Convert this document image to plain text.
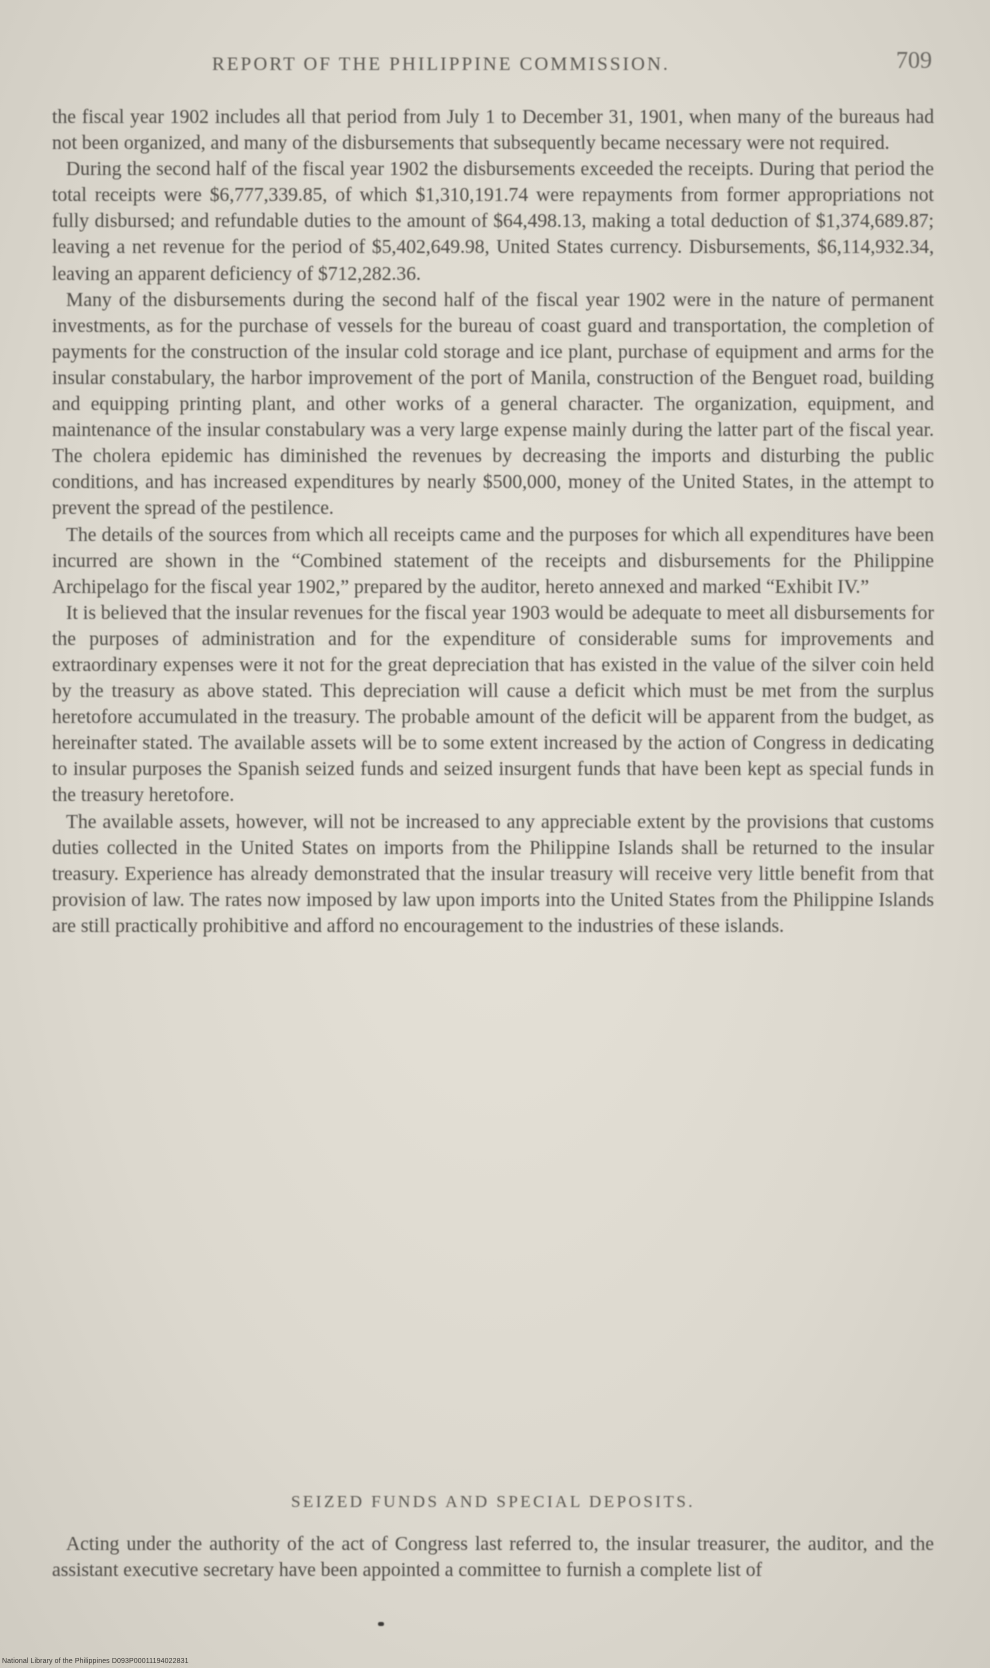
REPORT OF THE PHILIPPINE COMMISSION.	709

the fiscal year 1902 includes all that period from July 1 to December 31, 1901, when many of the bureaus had not been organized, and many of the disbursements that subsequently became necessary were not required.

During the second half of the fiscal year 1902 the disbursements exceeded the receipts. During that period the total receipts were $6,777,339.85, of which $1,310,191.74 were repayments from former appropriations not fully disbursed; and refundable duties to the amount of $64,498.13, making a total deduction of $1,374,689.87; leaving a net revenue for the period of $5,402,649.98, United States currency. Disbursements, $6,114,932.34, leaving an apparent deficiency of $712,282.36.

Many of the disbursements during the second half of the fiscal year 1902 were in the nature of permanent investments, as for the purchase of vessels for the bureau of coast guard and transportation, the completion of payments for the construction of the insular cold storage and ice plant, purchase of equipment and arms for the insular constabulary, the harbor improvement of the port of Manila, construction of the Benguet road, building and equipping printing plant, and other works of a general character. The organization, equipment, and maintenance of the insular constabulary was a very large expense mainly during the latter part of the fiscal year. The cholera epidemic has diminished the revenues by decreasing the imports and disturbing the public conditions, and has increased expenditures by nearly $500,000, money of the United States, in the attempt to prevent the spread of the pestilence.

The details of the sources from which all receipts came and the purposes for which all expenditures have been incurred are shown in the “Combined statement of the receipts and disbursements for the Philippine Archipelago for the fiscal year 1902,” prepared by the auditor, hereto annexed and marked “Exhibit IV.”

It is believed that the insular revenues for the fiscal year 1903 would be adequate to meet all disbursements for the purposes of administration and for the expenditure of considerable sums for improvements and extraordinary expenses were it not for the great depreciation that has existed in the value of the silver coin held by the treasury as above stated. This depreciation will cause a deficit which must be met from the surplus heretofore accumulated in the treasury. The probable amount of the deficit will be apparent from the budget, as hereinafter stated. The available assets will be to some extent increased by the action of Congress in dedicating to insular purposes the Spanish seized funds and seized insurgent funds that have been kept as special funds in the treasury heretofore.

The available assets, however, will not be increased to any appreciable extent by the provisions that customs duties collected in the United States on imports from the Philippine Islands shall be returned to the insular treasury. Experience has already demonstrated that the insular treasury will receive very little benefit from that provision of law. The rates now imposed by law upon imports into the United States from the Philippine Islands are still practically prohibitive and afford no encouragement to the industries of these islands.

SEIZED FUNDS AND SPECIAL DEPOSITS.

Acting under the authority of the act of Congress last referred to, the insular treasurer, the auditor, and the assistant executive secretary have been appointed a committee to furnish a complete list of

National Library of the Philippines D093P00011194022831
